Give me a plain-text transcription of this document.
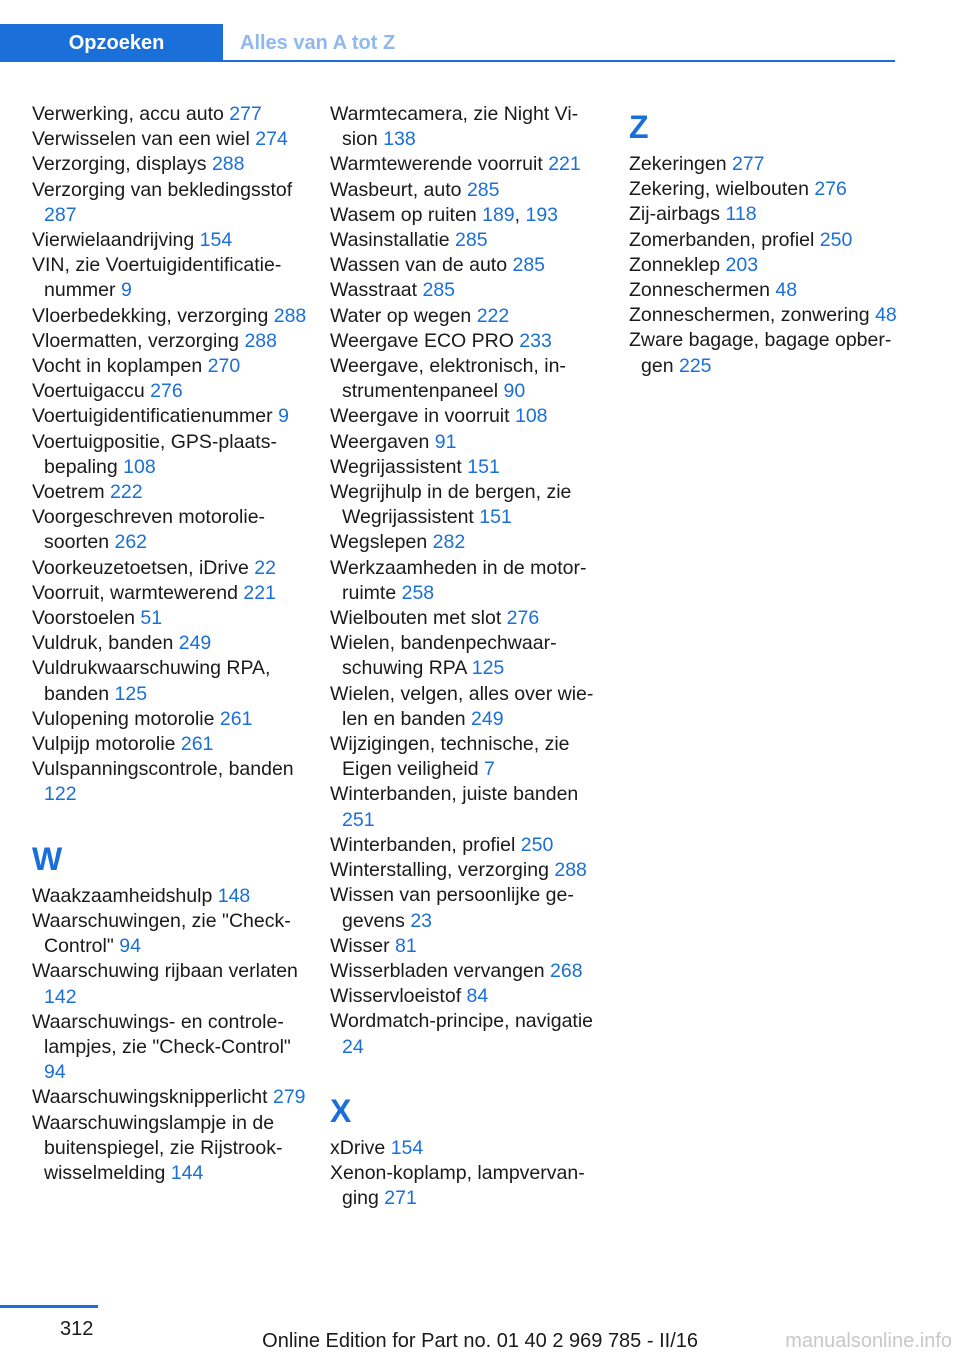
Opzoeken	Alles van A tot Z
Verwerking, accu auto 277
Verwisselen van een wiel 274
Verzorging, displays 288
Verzorging van bekledingsstof 287
Vierwielaandrijving 154
VIN, zie Voertuigidentificatienummer 9
Vloerbedekking, verzorging 288
Vloermatten, verzorging 288
Vocht in koplampen 270
Voertuigaccu 276
Voertuigidentificatienummer 9
Voertuigpositie, GPS-plaatsbepaling 108
Voetrem 222
Voorgeschreven motoroliesoorten 262
Voorkeuzetoetsen, iDrive 22
Voorruit, warmtewerend 221
Voorstoelen 51
Vuldruk, banden 249
Vuldrukwaarschuwing RPA, banden 125
Vulopening motorolie 261
Vulpijp motorolie 261
Vulspanningscontrole, banden 122
W
Waakzaamheidshulp 148
Waarschuwingen, zie "Check-Control" 94
Waarschuwing rijbaan verlaten 142
Waarschuwings- en controlelampjes, zie "Check-Control" 94
Waarschuwingsknipperlicht 279
Waarschuwingslampje in de buitenspiegel, zie Rijstrookwisselmelding 144
Warmtecamera, zie Night Vision 138
Warmtewerende voorruit 221
Wasbeurt, auto 285
Wasem op ruiten 189, 193
Wasinstallatie 285
Wassen van de auto 285
Wasstraat 285
Water op wegen 222
Weergave ECO PRO 233
Weergave, elektronisch, instrumentenpaneel 90
Weergave in voorruit 108
Weergaven 91
Wegrijassistent 151
Wegrijhulp in de bergen, zie Wegrijassistent 151
Wegslepen 282
Werkzaamheden in de motorruimte 258
Wielbouten met slot 276
Wielen, bandenpechwaarschuwing RPA 125
Wielen, velgen, alles over wielen en banden 249
Wijzigingen, technische, zie Eigen veiligheid 7
Winterbanden, juiste banden 251
Winterbanden, profiel 250
Winterstalling, verzorging 288
Wissen van persoonlijke gegevens 23
Wisser 81
Wisserbladen vervangen 268
Wisservloeistof 84
Wordmatch-principe, navigatie 24
X
xDrive 154
Xenon-koplamp, lampvervanging 271
Z
Zekeringen 277
Zekering, wielbouten 276
Zij-airbags 118
Zomerbanden, profiel 250
Zonneklep 203
Zonneschermen 48
Zonneschermen, zonwering 48
Zware bagage, bagage opbergen 225
312
Online Edition for Part no. 01 40 2 969 785 - II/16	manualsonline.info
